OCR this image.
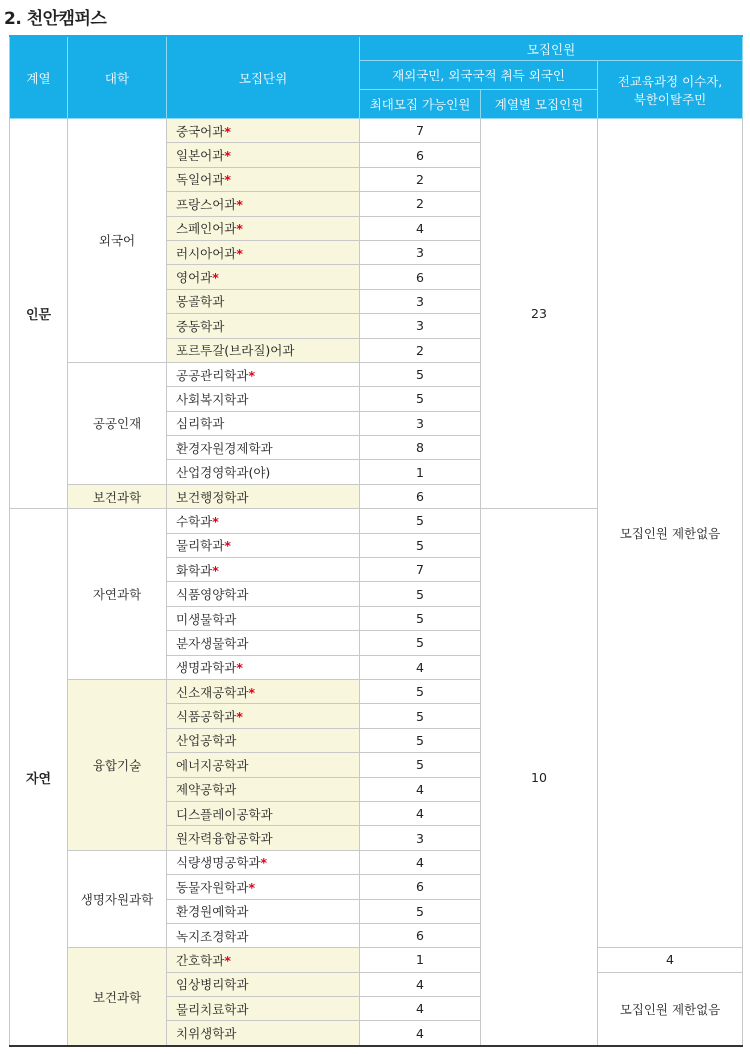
2. 천안캠퍼스
계열	대학	모집단위	모집인원		
			재외국민, 외국국적 취득 외국인		전교육과정 이수자,
북한이탈주민
			최대모집 가능인원	계열별 모집인원	
인문	외국어	중국어과*	7	23	모집인원 제한없음
		일본어과*	6		
		독일어과*	2		
		프랑스어과*	2		
		스페인어과*	4		
		러시아어과*	3		
		영어과*	6		
		몽골학과	3		
		중동학과	3		
		포르투갈(브라질)어과	2		
	공공인재	공공관리학과*	5		
		사회복지학과	5		
		심리학과	3		
		환경자원경제학과	8		
		산업경영학과(야)	1		
	보건과학	보건행정학과	6		
자연	자연과학	수학과*	5	10	
		물리학과*	5		
		화학과*	7		
		식품영양학과	5		
		미생물학과	5		
		분자생물학과	5		
		생명과학과*	4		
	융합기술	신소재공학과*	5		
		식품공학과*	5		
		산업공학과	5		
		에너지공학과	5		
		제약공학과	4		
		디스플레이공학과	4		
		원자력융합공학과	3		
	생명자원과학	식량생명공학과*	4		
		동물자원학과*	6		
		환경원예학과	5		
		녹지조경학과	6		
	보건과학	간호학과*	1		4
		임상병리학과	4		모집인원 제한없음
		물리치료학과	4		
		치위생학과	4		
